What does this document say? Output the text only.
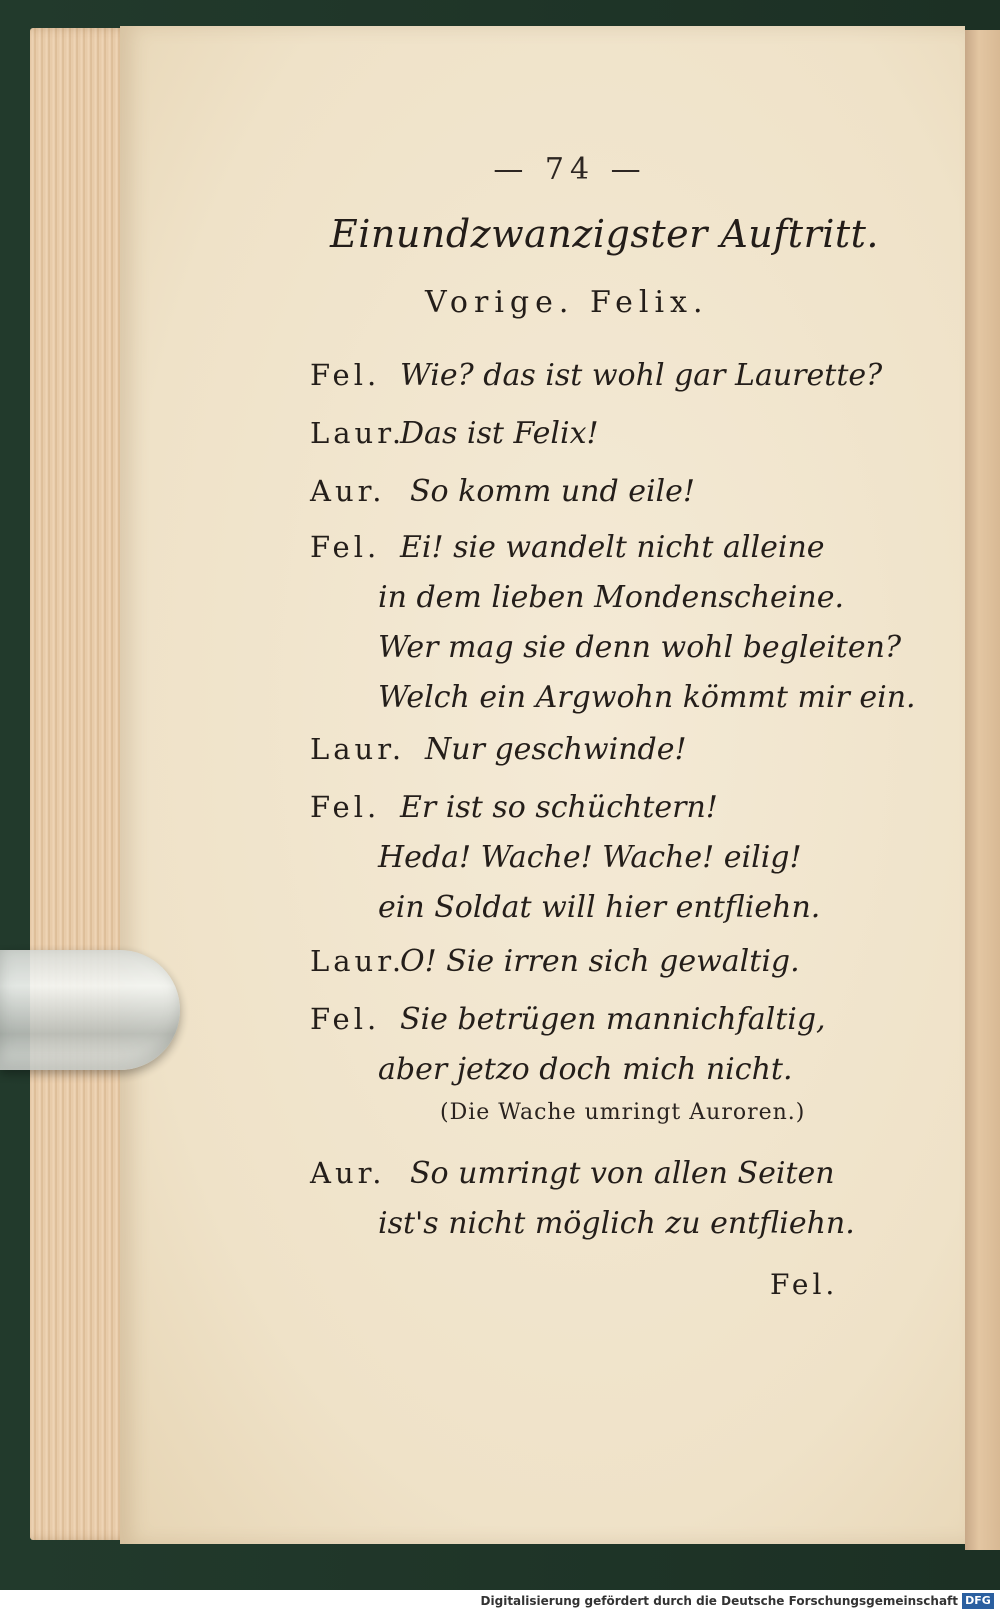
— 74 —
Einundzwanzigster Auftritt.
Vorige. Felix.
Fel. Wie? das ist wohl gar Laurette?
Laur.
Das ist Felix!
Aur. So komm und eile!
Fel. Ei! sie wandelt nicht alleine
in dem lieben Mondenscheine.
Wer mag sie denn wohl begleiten?
Welch ein Argwohn kömmt mir ein.
Laur. Nur geschwinde!
Fel. Er ist so schüchtern!
Heda! Wache! Wache! eilig!
ein Soldat will hier entfliehn.
Laur.
O! Sie irren sich gewaltig.
Fel. Sie betrügen mannichfaltig,
aber jetzo doch mich nicht.
Aur. So umringt von allen Seiten
ist's nicht möglich zu entfliehn.
(Die Wache umringt Auroren.)
Fel.
Digitalisierung gefördert durch die Deutsche Forschungsgemeinschaft DFG
